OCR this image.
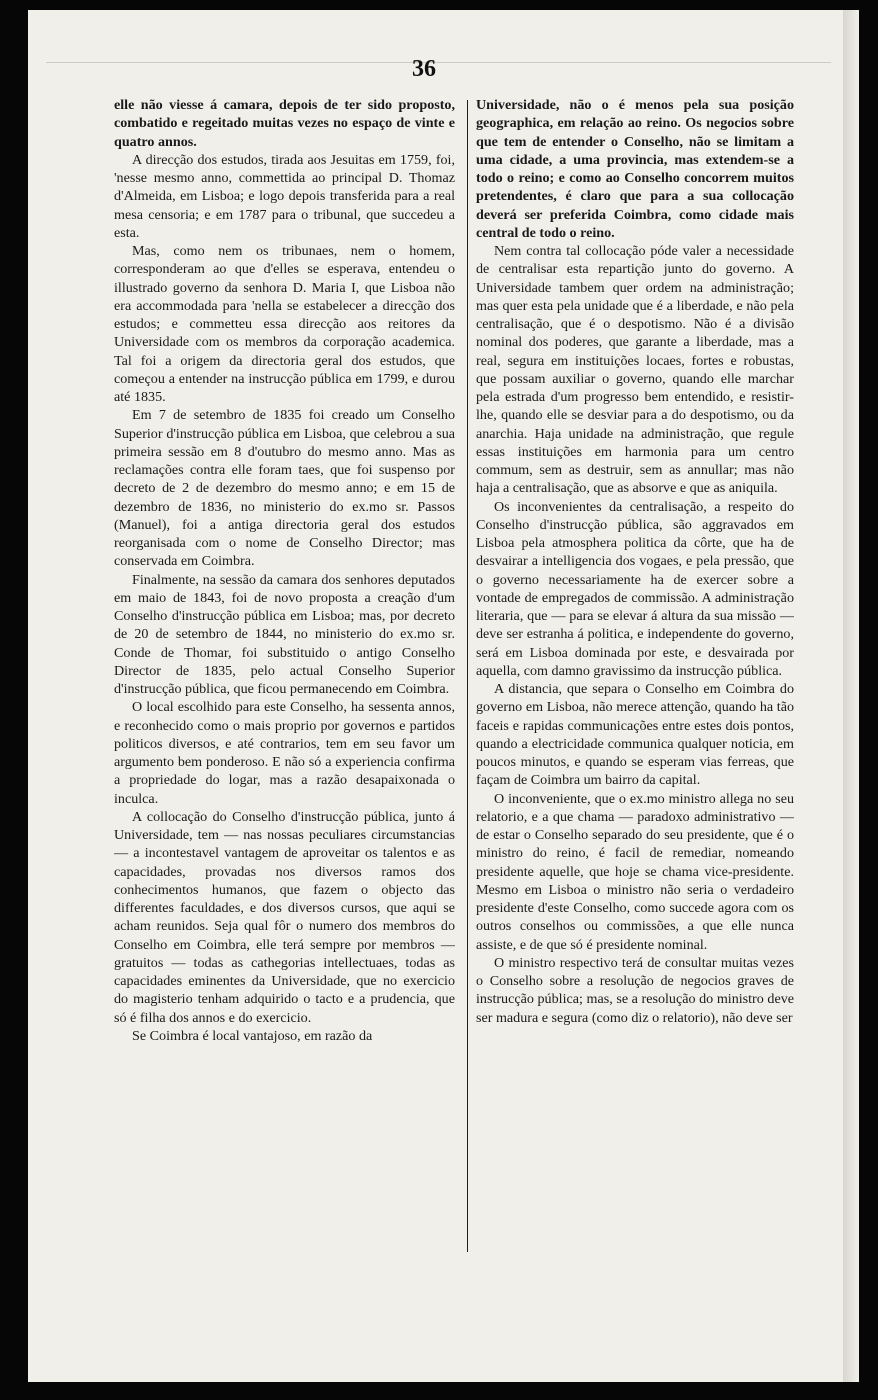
36

elle não viesse á camara, depois de ter sido proposto, combatido e regeitado muitas vezes no espaço de vinte e quatro annos.

A direcção dos estudos, tirada aos Jesuitas em 1759, foi, 'nesse mesmo anno, commettida ao principal D. Thomaz d'Almeida, em Lisboa; e logo depois transferida para a real mesa censoria; e em 1787 para o tribunal, que succedeu a esta.

Mas, como nem os tribunaes, nem o homem, corresponderam ao que d'elles se esperava, entendeu o illustrado governo da senhora D. Maria I, que Lisboa não era accommodada para 'nella se estabelecer a direcção dos estudos; e commetteu essa direcção aos reitores da Universidade com os membros da corporação academica. Tal foi a origem da directoria geral dos estudos, que começou a entender na instrucção pública em 1799, e durou até 1835.

Em 7 de setembro de 1835 foi creado um Conselho Superior d'instrucção pública em Lisboa, que celebrou a sua primeira sessão em 8 d'outubro do mesmo anno. Mas as reclamações contra elle foram taes, que foi suspenso por decreto de 2 de dezembro do mesmo anno; e em 15 de dezembro de 1836, no ministerio do ex.mo sr. Passos (Manuel), foi a antiga directoria geral dos estudos reorganisada com o nome de Conselho Director; mas conservada em Coimbra.

Finalmente, na sessão da camara dos senhores deputados em maio de 1843, foi de novo proposta a creação d'um Conselho d'instrucção pública em Lisboa; mas, por decreto de 20 de setembro de 1844, no ministerio do ex.mo sr. Conde de Thomar, foi substituido o antigo Conselho Director de 1835, pelo actual Conselho Superior d'instrucção pública, que ficou permanecendo em Coimbra.

O local escolhido para este Conselho, ha sessenta annos, e reconhecido como o mais proprio por governos e partidos politicos diversos, e até contrarios, tem em seu favor um argumento bem ponderoso. E não só a experiencia confirma a propriedade do logar, mas a razão desapaixonada o inculca.

A collocação do Conselho d'instrucção pública, junto á Universidade, tem — nas nossas peculiares circumstancias — a incontestavel vantagem de aproveitar os talentos e as capacidades, provadas nos diversos ramos dos conhecimentos humanos, que fazem o objecto das differentes faculdades, e dos diversos cursos, que aqui se acham reunidos. Seja qual fôr o numero dos membros do Conselho em Coimbra, elle terá sempre por membros — gratuitos — todas as cathegorias intellectuaes, todas as capacidades eminentes da Universidade, que no exercicio do magisterio tenham adquirido o tacto e a prudencia, que só é filha dos annos e do exercicio.

Se Coimbra é local vantajoso, em razão da

Universidade, não o é menos pela sua posição geographica, em relação ao reino. Os negocios sobre que tem de entender o Conselho, não se limitam a uma cidade, a uma provincia, mas extendem-se a todo o reino; e como ao Conselho concorrem muitos pretendentes, é claro que para a sua collocação deverá ser preferida Coimbra, como cidade mais central de todo o reino.

Nem contra tal collocação póde valer a necessidade de centralisar esta repartição junto do governo. A Universidade tambem quer ordem na administração; mas quer esta pela unidade que é a liberdade, e não pela centralisação, que é o despotismo. Não é a divisão nominal dos poderes, que garante a liberdade, mas a real, segura em instituições locaes, fortes e robustas, que possam auxiliar o governo, quando elle marchar pela estrada d'um progresso bem entendido, e resistir-lhe, quando elle se desviar para a do despotismo, ou da anarchia. Haja unidade na administração, que regule essas instituições em harmonia para um centro commum, sem as destruir, sem as annullar; mas não haja a centralisação, que as absorve e que as aniquila.

Os inconvenientes da centralisação, a respeito do Conselho d'instrucção pública, são aggravados em Lisboa pela atmosphera politica da côrte, que ha de desvairar a intelligencia dos vogaes, e pela pressão, que o governo necessariamente ha de exercer sobre a vontade de empregados de commissão. A administração literaria, que — para se elevar á altura da sua missão — deve ser estranha á politica, e independente do governo, será em Lisboa dominada por este, e desvairada por aquella, com damno gravissimo da instrucção pública.

A distancia, que separa o Conselho em Coimbra do governo em Lisboa, não merece attenção, quando ha tão faceis e rapidas communicações entre estes dois pontos, quando a electricidade communica qualquer noticia, em poucos minutos, e quando se esperam vias ferreas, que façam de Coimbra um bairro da capital.

O inconveniente, que o ex.mo ministro allega no seu relatorio, e a que chama — paradoxo administrativo — de estar o Conselho separado do seu presidente, que é o ministro do reino, é facil de remediar, nomeando presidente aquelle, que hoje se chama vice-presidente. Mesmo em Lisboa o ministro não seria o verdadeiro presidente d'este Conselho, como succede agora com os outros conselhos ou commissões, a que elle nunca assiste, e de que só é presidente nominal.

O ministro respectivo terá de consultar muitas vezes o Conselho sobre a resolução de negocios graves de instrucção pública; mas, se a resolução do ministro deve ser madura e segura (como diz o relatorio), não deve ser
